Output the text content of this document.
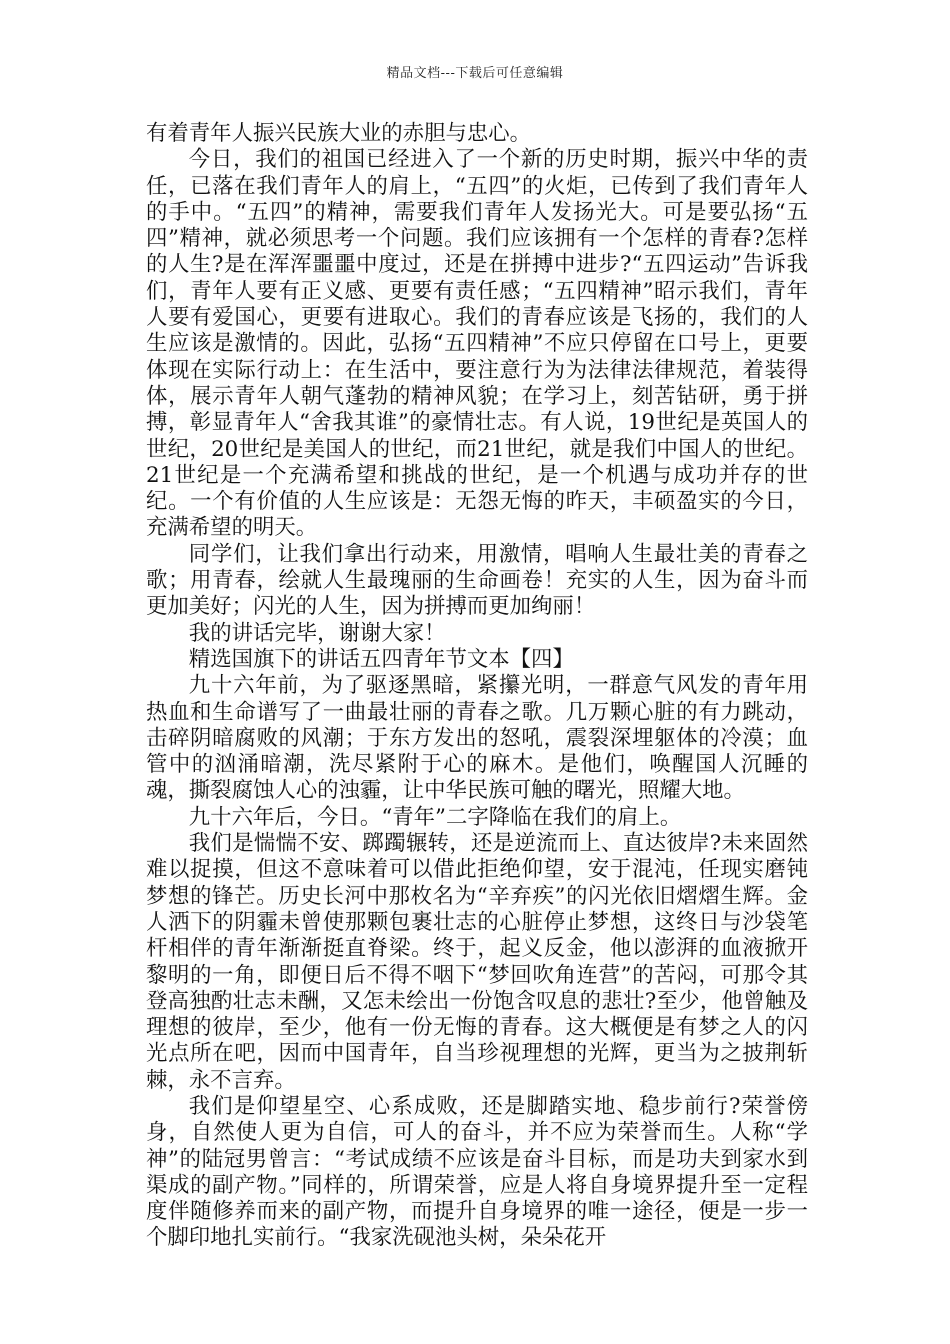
精品文档---下载后可任意编辑

有着青年人振兴民族大业的赤胆与忠心。

今日，我们的祖国已经进入了一个新的历史时期，振兴中华的责任，已落在我们青年人的肩上，“五四”的火炬，已传到了我们青年人的手中。“五四”的精神，需要我们青年人发扬光大。可是要弘扬“五四”精神，就必须思考一个问题。我们应该拥有一个怎样的青春?怎样的人生?是在浑浑噩噩中度过，还是在拼搏中进步?“五四运动”告诉我们，青年人要有正义感、更要有责任感；“五四精神”昭示我们，青年人要有爱国心，更要有进取心。我们的青春应该是飞扬的，我们的人生应该是激情的。因此，弘扬“五四精神”不应只停留在口号上，更要体现在实际行动上：在生活中，要注意行为为法律法律规范，着装得体，展示青年人朝气蓬勃的精神风貌；在学习上，刻苦钻研，勇于拼搏，彰显青年人“舍我其谁”的豪情壮志。有人说，19世纪是英国人的世纪，20世纪是美国人的世纪，而21世纪，就是我们中国人的世纪。21世纪是一个充满希望和挑战的世纪，是一个机遇与成功并存的世纪。一个有价值的人生应该是：无怨无悔的昨天，丰硕盈实的今日，充满希望的明天。

同学们，让我们拿出行动来，用激情，唱响人生最壮美的青春之歌；用青春，绘就人生最瑰丽的生命画卷！充实的人生，因为奋斗而更加美好；闪光的人生，因为拼搏而更加绚丽！

我的讲话完毕，谢谢大家！

精选国旗下的讲话五四青年节文本【四】

九十六年前，为了驱逐黑暗，紧攥光明，一群意气风发的青年用热血和生命谱写了一曲最壮丽的青春之歌。几万颗心脏的有力跳动，击碎阴暗腐败的风潮；于东方发出的怒吼，震裂深埋躯体的冷漠；血管中的汹涌暗潮，洗尽紧附于心的麻木。是他们，唤醒国人沉睡的魂，撕裂腐蚀人心的浊霾，让中华民族可触的曙光，照耀大地。

九十六年后，今日。“青年”二字降临在我们的肩上。

我们是惴惴不安、踯躅辗转，还是逆流而上、直达彼岸?未来固然难以捉摸，但这不意味着可以借此拒绝仰望，安于混沌，任现实磨钝梦想的锋芒。历史长河中那枚名为“辛弃疾”的闪光依旧熠熠生辉。金人洒下的阴霾未曾使那颗包裹壮志的心脏停止梦想，这终日与沙袋笔杆相伴的青年渐渐挺直脊梁。终于，起义反金，他以澎湃的血液掀开黎明的一角，即便日后不得不咽下“梦回吹角连营”的苦闷，可那令其登高独酌壮志未酬，又怎未绘出一份饱含叹息的悲壮?至少，他曾触及理想的彼岸，至少，他有一份无悔的青春。这大概便是有梦之人的闪光点所在吧，因而中国青年，自当珍视理想的光辉，更当为之披荆斩棘，永不言弃。

我们是仰望星空、心系成败，还是脚踏实地、稳步前行?荣誉傍身，自然使人更为自信，可人的奋斗，并不应为荣誉而生。人称“学神”的陆冠男曾言：“考试成绩不应该是奋斗目标，而是功夫到家水到渠成的副产物。”同样的，所谓荣誉，应是人将自身境界提升至一定程度伴随修养而来的副产物，而提升自身境界的唯一途径，便是一步一个脚印地扎实前行。“我家洗砚池头树，朵朵花开
